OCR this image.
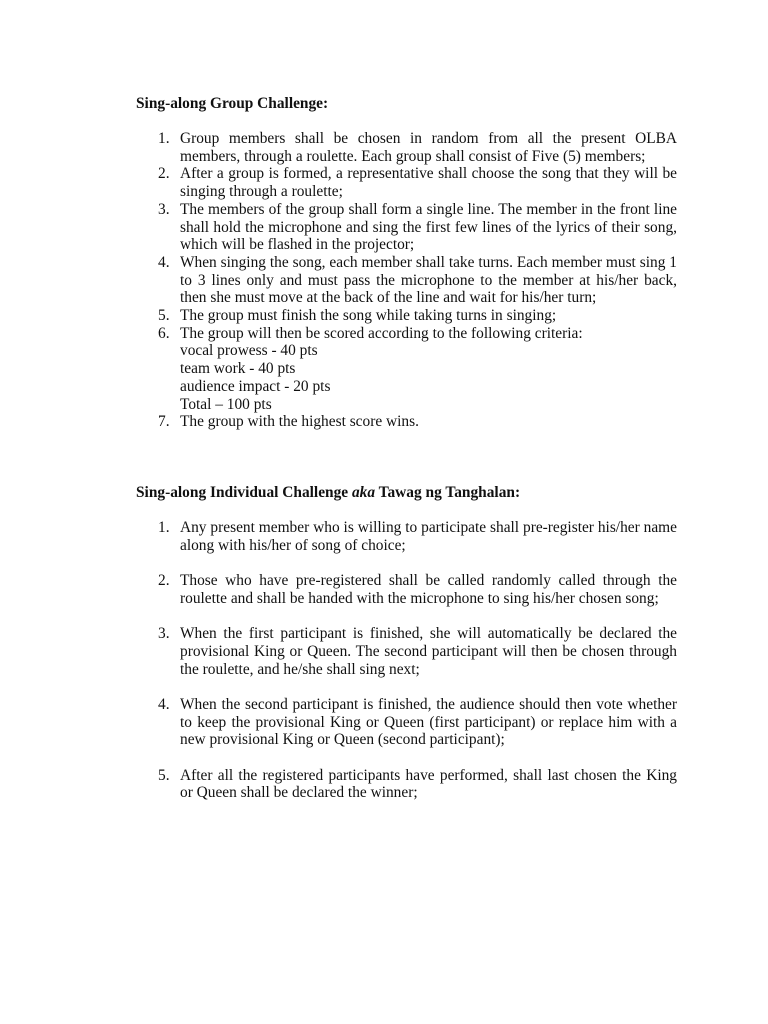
Sing-along Group Challenge:

1. Group members shall be chosen in random from all the present OLBA members, through a roulette. Each group shall consist of Five (5) members;
2. After a group is formed, a representative shall choose the song that they will be singing through a roulette;
3. The members of the group shall form a single line. The member in the front line shall hold the microphone and sing the first few lines of the lyrics of their song, which will be flashed in the projector;
4. When singing the song, each member shall take turns. Each member must sing 1 to 3 lines only and must pass the microphone to the member at his/her back, then she must move at the back of the line and wait for his/her turn;
5. The group must finish the song while taking turns in singing;
6. The group will then be scored according to the following criteria:
vocal prowess - 40 pts
team work - 40 pts
audience impact - 20 pts
Total – 100 pts
7. The group with the highest score wins.

Sing-along Individual Challenge aka Tawag ng Tanghalan:

1. Any present member who is willing to participate shall pre-register his/her name along with his/her of song of choice;
2. Those who have pre-registered shall be called randomly called through the roulette and shall be handed with the microphone to sing his/her chosen song;
3. When the first participant is finished, she will automatically be declared the provisional King or Queen. The second participant will then be chosen through the roulette, and he/she shall sing next;
4. When the second participant is finished, the audience should then vote whether to keep the provisional King or Queen (first participant) or replace him with a new provisional King or Queen (second participant);
5. After all the registered participants have performed, shall last chosen the King or Queen shall be declared the winner;
